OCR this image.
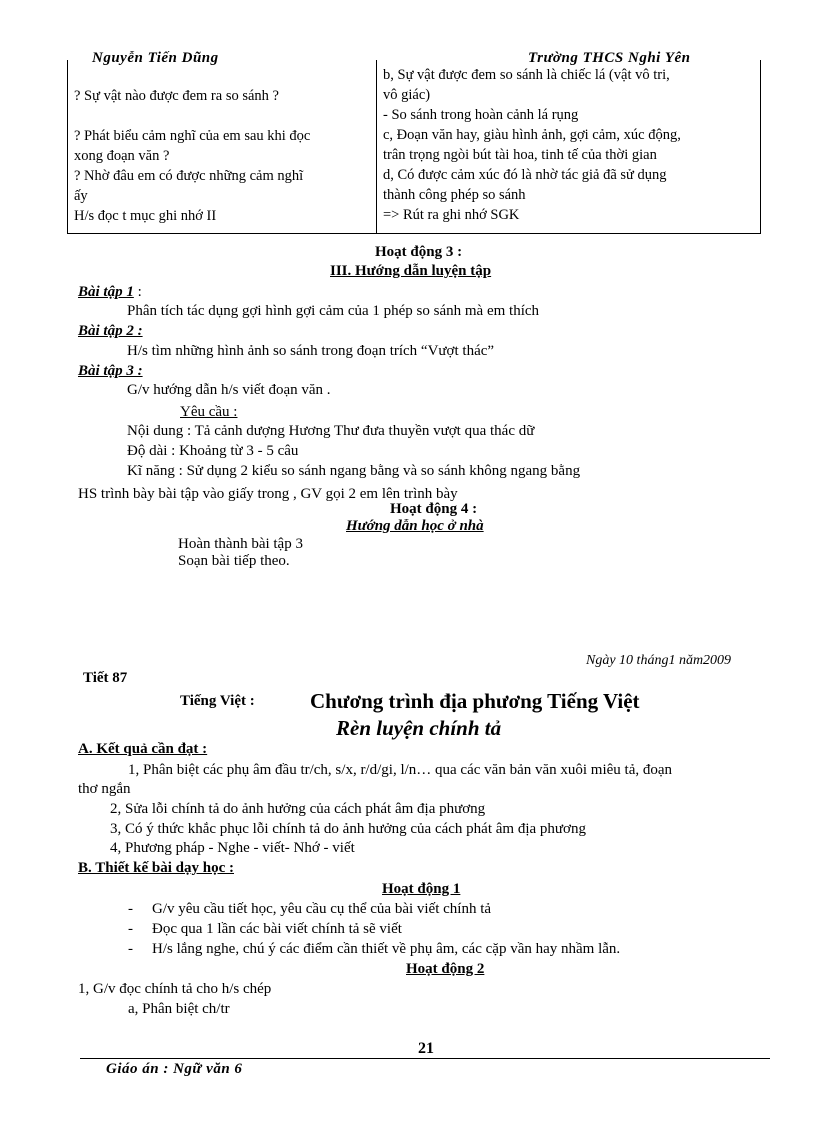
Nguyễn Tiến Dũng	Trường THCS Nghi Yên
? Sự vật nào được đem ra so sánh ?
? Phát biểu cảm nghĩ của em sau khi đọc
xong đoạn văn ?
? Nhờ đâu em có được những cảm nghĩ
ấy
H/s đọc t mục ghi nhớ II

b, Sự vật được đem so sánh là chiếc lá (vật vô tri,
vô giác)
- So sánh trong hoàn cảnh lá rụng
c, Đoạn văn hay, giàu hình ảnh, gợi cảm, xúc động,
trân trọng ngòi bút tài hoa, tinh tế của thời gian
d, Có được cảm xúc đó là nhờ tác giả đã sử dụng
thành công phép so sánh
=> Rút ra ghi nhớ SGK
Hoạt động 3 :
III. Hướng dẫn luyện tập
Bài tập 1 :
Phân tích tác dụng gợi hình gợi cảm của 1 phép so sánh mà em thích
Bài tập 2 :
H/s tìm những hình ảnh so sánh trong đoạn trích “Vượt thác”
Bài tập 3 :
G/v hướng dẫn h/s viết đoạn văn .
Yêu cầu :
Nội dung : Tả cảnh dượng Hương Thư đưa thuyền vượt qua thác dữ
Độ dài : Khoảng từ 3 - 5 câu
Kĩ năng : Sử dụng 2 kiểu so sánh ngang bằng và so sánh không ngang bằng
HS trình bày bài tập vào giấy trong , GV gọi 2 em lên trình bày
Hoạt động 4 :
Hướng dẫn học ở nhà
Hoàn thành bài tập 3
Soạn bài tiếp theo.
Ngày 10 tháng1 năm2009
Tiết 87
Tiếng Việt :	Chương trình địa phương Tiếng Việt
Rèn luyện chính tả
A. Kết quả cần đạt :
1, Phân biệt các phụ âm đầu tr/ch, s/x, r/d/gi, l/n… qua các văn bản văn xuôi miêu tả, đoạn
thơ ngắn
2, Sửa lỗi chính tả do ảnh hưởng của cách phát âm địa phương
3, Có ý thức khắc phục lỗi chính tả do ảnh hưởng của cách phát âm địa phương
4, Phương pháp - Nghe - viết- Nhớ - viết
B. Thiết kế bài dạy học :
Hoạt động 1
- G/v yêu cầu tiết học, yêu cầu cụ thể của bài viết chính tả
- Đọc qua 1 lần các bài viết chính tả sẽ viết
- H/s lắng nghe, chú ý các điểm cần thiết về phụ âm, các cặp vần hay nhầm lẫn.
Hoạt động 2
1, G/v đọc chính tả cho h/s chép
a, Phân biệt ch/tr
21
Giáo án : Ngữ văn 6
